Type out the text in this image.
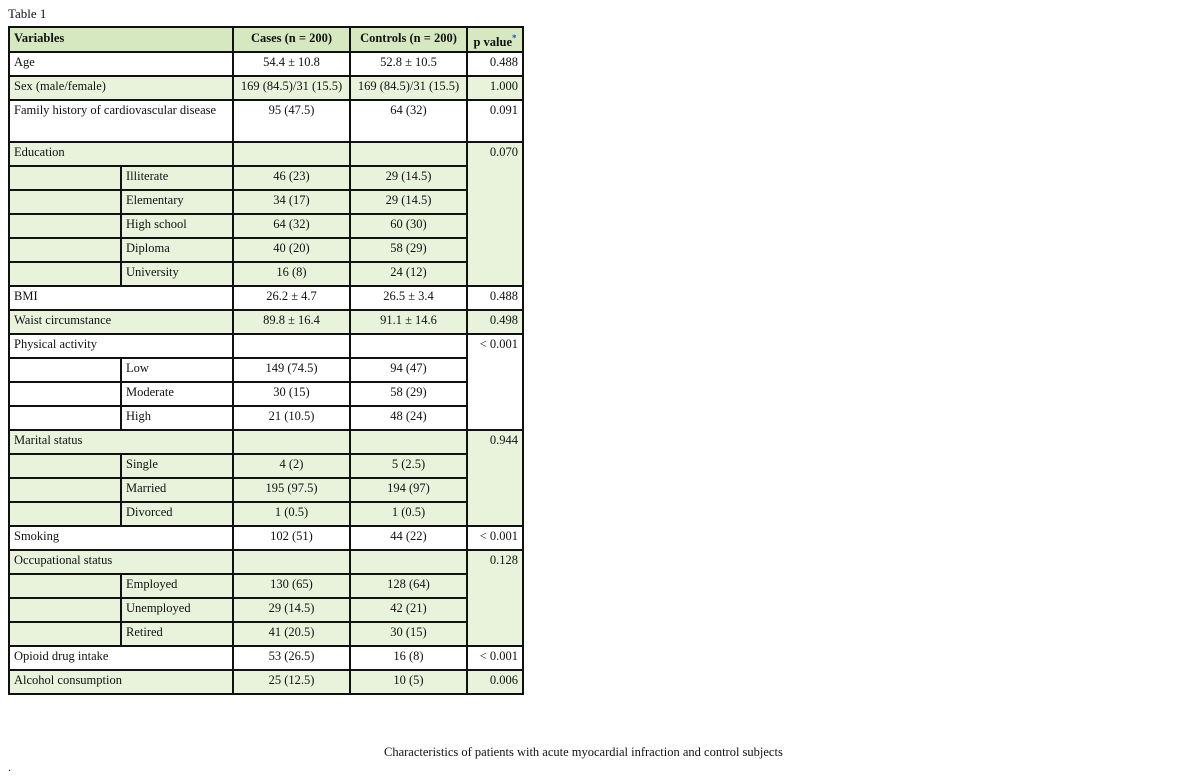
Table 1
Variables		Cases (n = 200)	Controls (n = 200)	p value*
Age		54.4 ± 10.8	52.8 ± 10.5	0.488
Sex (male/female)		169 (84.5)/31 (15.5)	169 (84.5)/31 (15.5)	1.000
Family history of cardiovascular disease		95 (47.5)	64 (32)	0.091
Education				0.070
	Illiterate	46 (23)	29 (14.5)	
	Elementary	34 (17)	29 (14.5)	
	High school	64 (32)	60 (30)	
	Diploma	40 (20)	58 (29)	
	University	16 (8)	24 (12)	
BMI		26.2 ± 4.7	26.5 ± 3.4	0.488
Waist circumstance		89.8 ± 16.4	91.1 ± 14.6	0.498
Physical activity				< 0.001
	Low	149 (74.5)	94 (47)	
	Moderate	30 (15)	58 (29)	
	High	21 (10.5)	48 (24)	
Marital status				0.944
	Single	4 (2)	5 (2.5)	
	Married	195 (97.5)	194 (97)	
	Divorced	1 (0.5)	1 (0.5)	
Smoking		102 (51)	44 (22)	< 0.001
Occupational status				0.128
	Employed	130 (65)	128 (64)	
	Unemployed	29 (14.5)	42 (21)	
	Retired	41 (20.5)	30 (15)	
Opioid drug intake		53 (26.5)	16 (8)	< 0.001
Alcohol consumption		25 (12.5)	10 (5)	0.006
Characteristics of patients with acute myocardial infraction and control subjects
.
